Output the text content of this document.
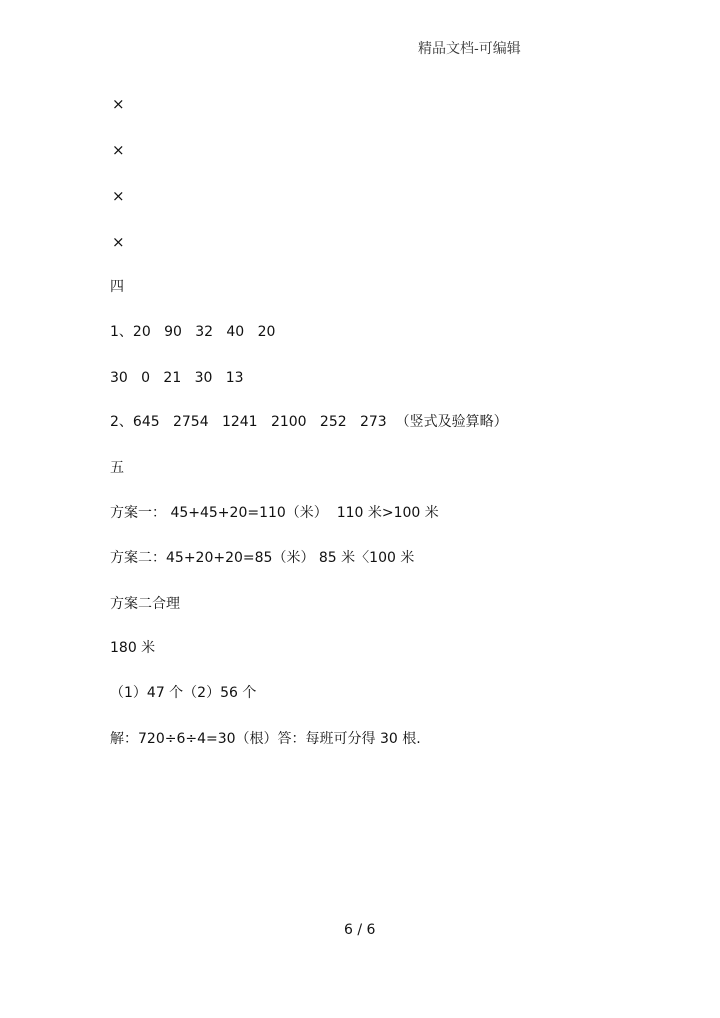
精品文档-可编辑
×
×
×
×
四
1、20   90   32   40   20
30   0   21   30   13
2、645   2754   1241   2100   252   273  （竖式及验算略）
五
方案一： 45+45+20=110（米）  110 米>100 米
方案二：45+20+20=85（米） 85 米〈100 米
方案二合理
180 米
（1）47 个（2）56 个
解：720÷6÷4=30（根）答：每班可分得 30 根.
6 / 6
